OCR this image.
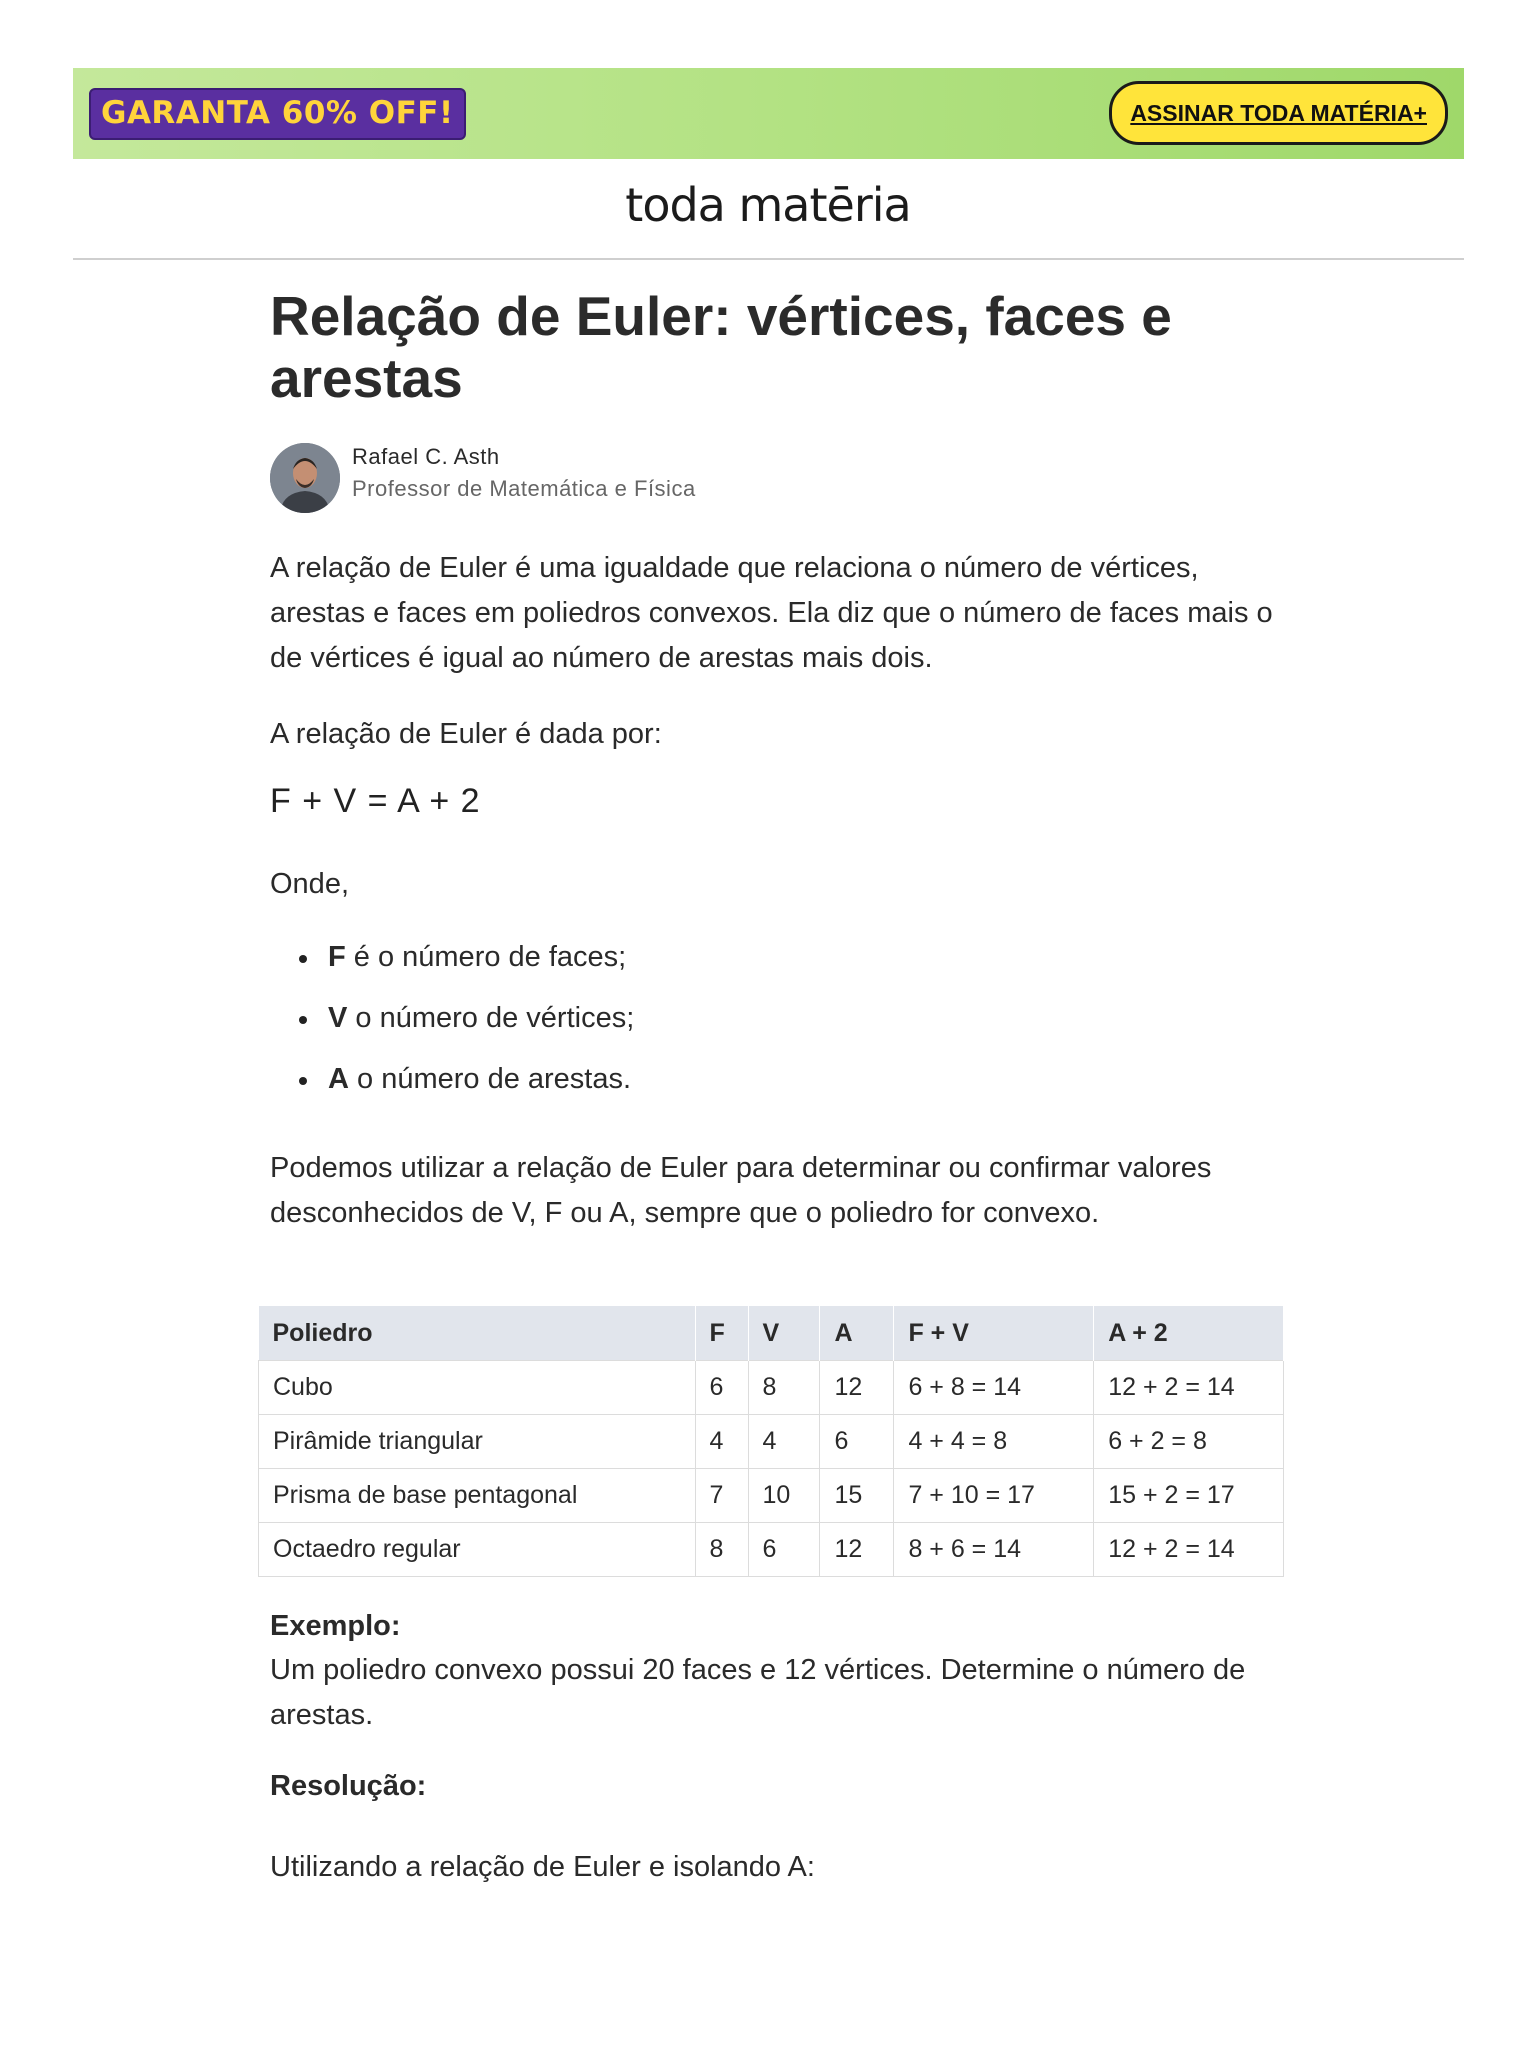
GARANTA 60% OFF!	ASSINAR TODA MATÉRIA+
toda matēria
Relação de Euler: vértices, faces e arestas
Rafael C. Asth
Professor de Matemática e Física

A relação de Euler é uma igualdade que relaciona o número de vértices, arestas e faces em poliedros convexos. Ela diz que o número de faces mais o de vértices é igual ao número de arestas mais dois.

A relação de Euler é dada por:

F + V = A + 2

Onde,

F é o número de faces;
V o número de vértices;
A o número de arestas.

Podemos utilizar a relação de Euler para determinar ou confirmar valores desconhecidos de V, F ou A, sempre que o poliedro for convexo.

Poliedro	F	V	A	F + V	A + 2
Cubo	6	8	12	6 + 8 = 14	12 + 2 = 14
Pirâmide triangular	4	4	6	4 + 4 = 8	6 + 2 = 8
Prisma de base pentagonal	7	10	15	7 + 10 = 17	15 + 2 = 17
Octaedro regular	8	6	12	8 + 6 = 14	12 + 2 = 14
Exemplo:

Um poliedro convexo possui 20 faces e 12 vértices. Determine o número de arestas.

Resolução:

Utilizando a relação de Euler e isolando A:
